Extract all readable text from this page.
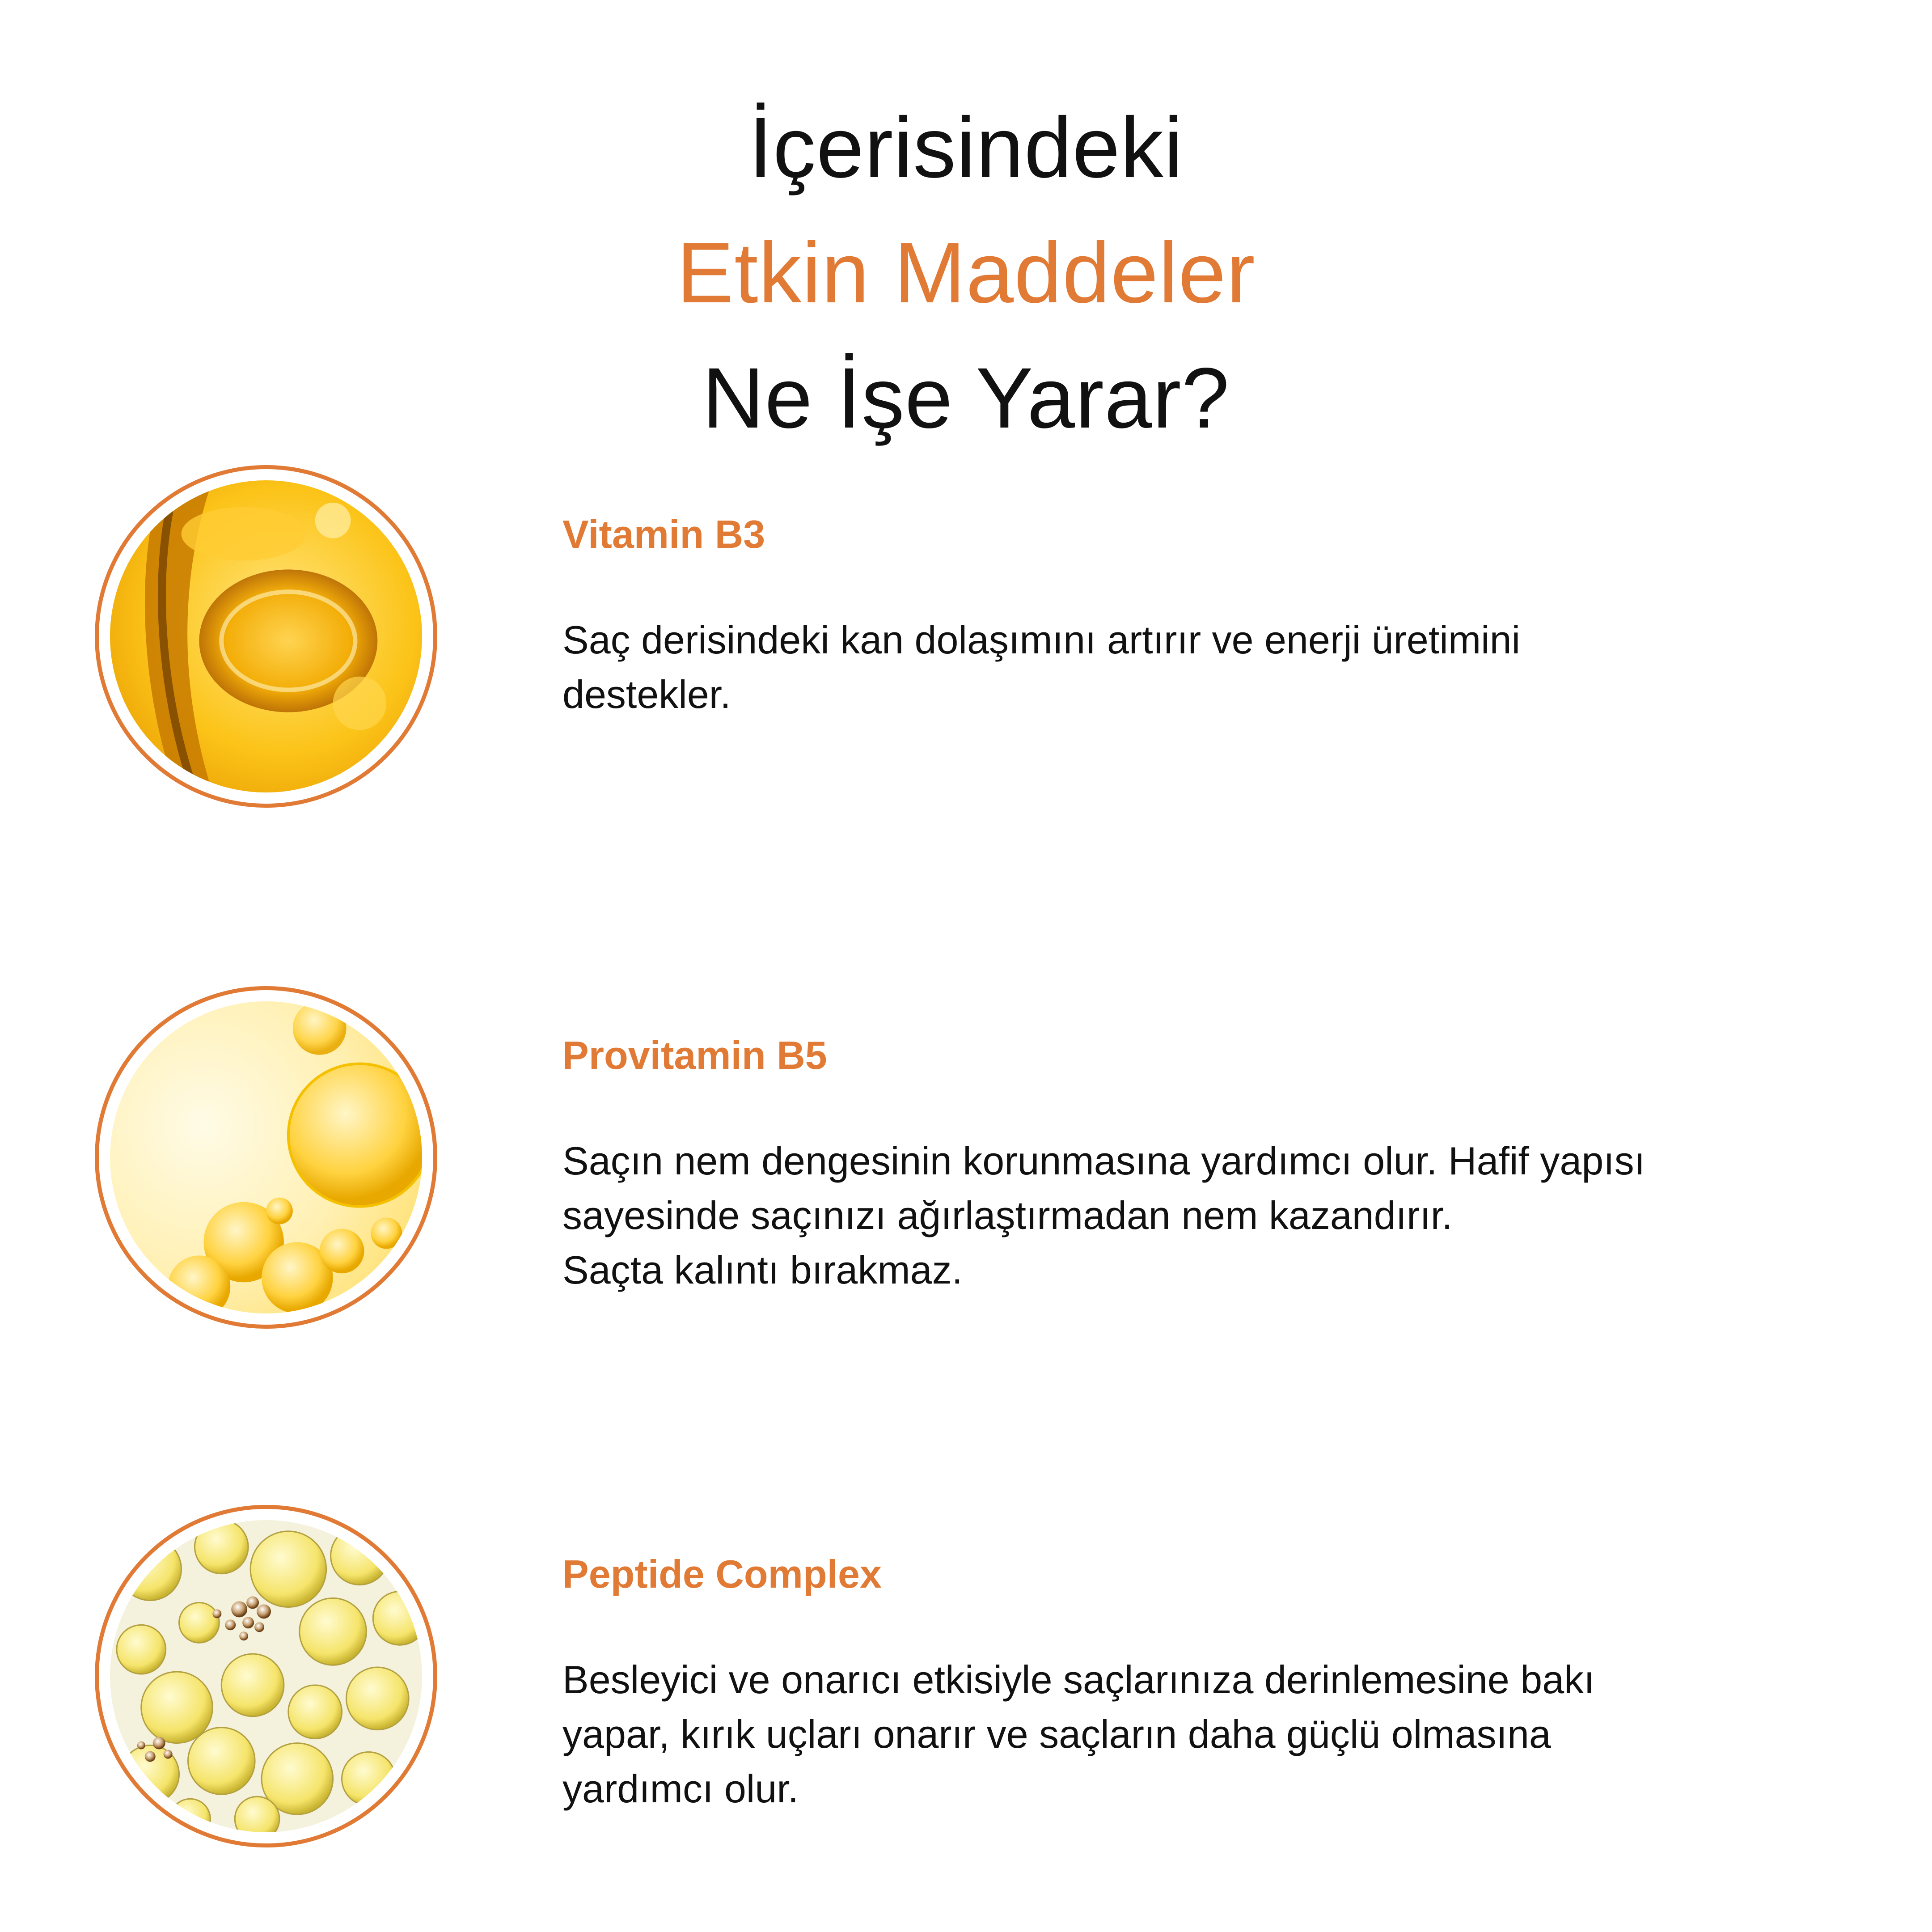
İçerisindeki
Etkin Maddeler
Ne İşe Yarar?
Vitamin B3
Saç derisindeki kan dolaşımını artırır ve enerji üretimini
destekler.
Provitamin B5
Saçın nem dengesinin korunmasına yardımcı olur. Hafif yapısı
sayesinde saçınızı ağırlaştırmadan nem kazandırır.
Saçta kalıntı bırakmaz.
Peptide Complex
Besleyici ve onarıcı etkisiyle saçlarınıza derinlemesine bakı
yapar, kırık uçları onarır ve saçların daha güçlü olmasına
yardımcı olur.
